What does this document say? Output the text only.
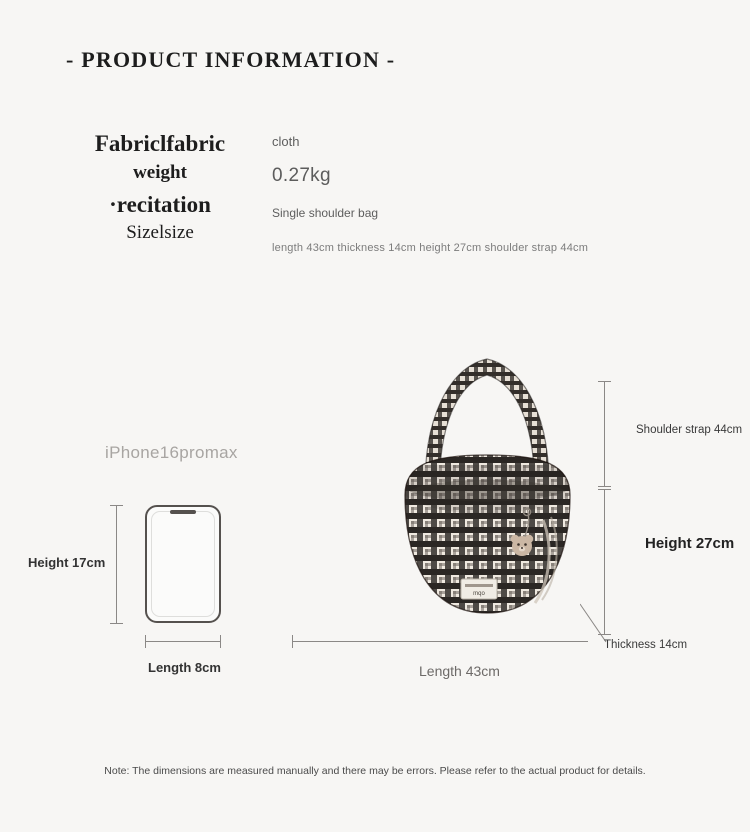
- PRODUCT INFORMATION -
Fabriclfabric
weight
·recitation
Sizelsize
cloth
0.27kg
Single shoulder bag
length 43cm thickness 14cm height 27cm shoulder strap 44cm
iPhone16promax
Height 17cm
Length 8cm
mqo
Shoulder strap 44cm
Height 27cm
Length 43cm
Thickness 14cm
Note: The dimensions are measured manually and there may be errors. Please refer to the actual product for details.
